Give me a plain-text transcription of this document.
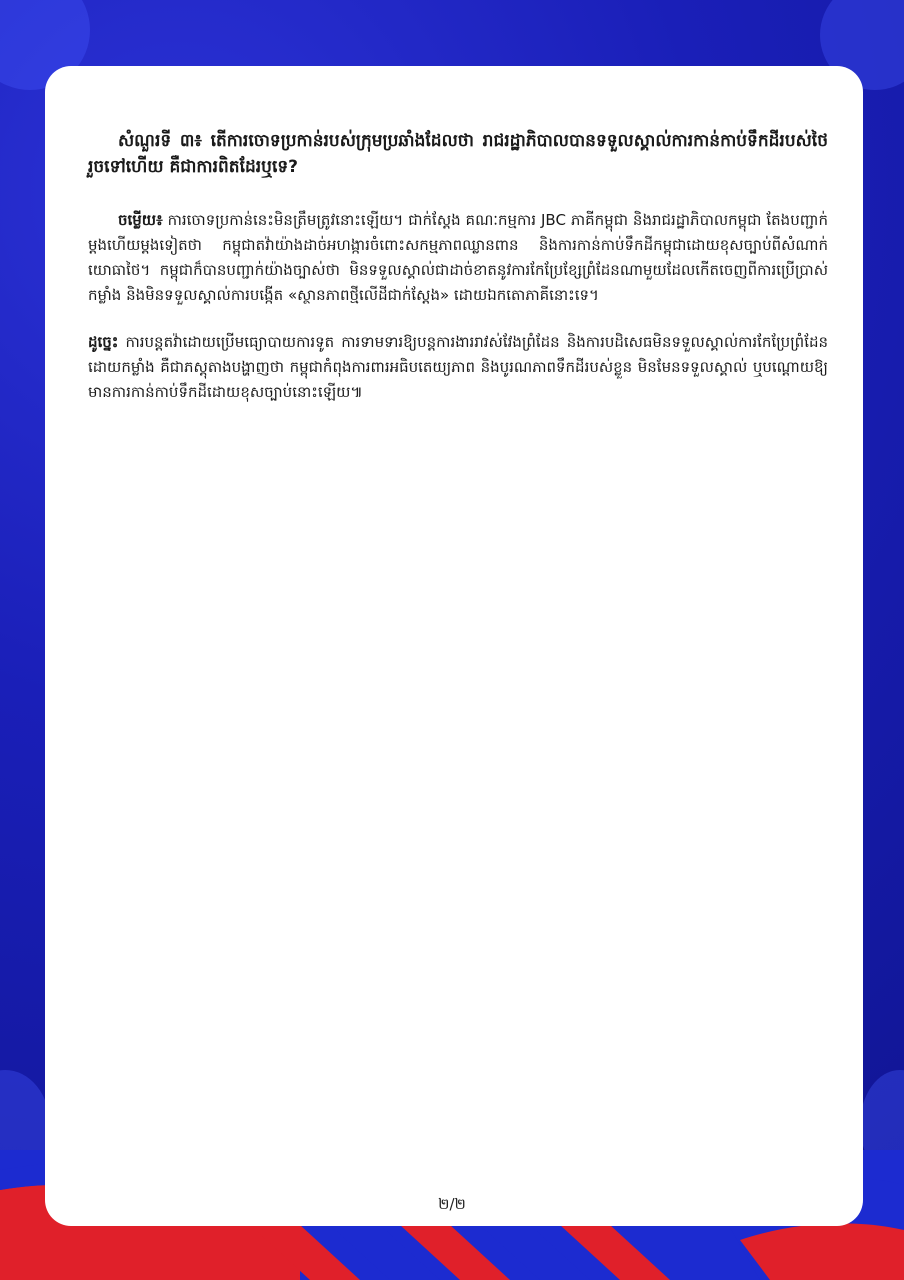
សំណួរទី ៣៖ តើការចោទប្រកាន់របស់ក្រុមប្រឆាំងដែលថា រាជរដ្ឋាភិបាលបានទទួលស្គាល់ការកាន់កាប់ទឹកដីរបស់ថៃរួចទៅហើយ គឺជាការពិតដែរឬទេ?

ចម្លើយ៖ ការចោទប្រកាន់នេះមិនត្រឹមត្រូវនោះឡើយ។ ជាក់ស្តែង គណៈកម្មការ JBC ភាគីកម្ពុជា និងរាជរដ្ឋាភិបាលកម្ពុជា តែងបញ្ជាក់ម្តងហើយម្តងទៀតថា កម្ពុជាតវ៉ាយ៉ាងដាច់អហង្ការចំពោះសកម្មភាពឈ្លានពាន និងការកាន់កាប់ទឹកដីកម្ពុជាដោយខុសច្បាប់ពីសំណាក់យោធាថៃ។ កម្ពុជាក៏បានបញ្ជាក់យ៉ាងច្បាស់ថា មិនទទួលស្គាល់ជាដាច់ខាតនូវការកែប្រែខ្សែព្រំដែនណាមួយដែលកើតចេញពីការប្រើប្រាស់កម្លាំង និងមិនទទួលស្គាល់ការបង្កើត «ស្ថានភាពថ្មីលើដីជាក់ស្តែង» ដោយឯកតោភាគីនោះទេ។

ដូច្នេះ ការបន្តតវ៉ាដោយប្រើមធ្យោបាយការទូត ការទាមទារឱ្យបន្តការងាររាវស់វែងព្រំដែន និងការបដិសេធមិនទទួលស្គាល់ការកែប្រែព្រំដែនដោយកម្លាំង គឺជាភស្តុតាងបង្ហាញថា កម្ពុជាកំពុងការពារអធិបតេយ្យភាព និងបូរណភាពទឹកដីរបស់ខ្លួន មិនមែនទទួលស្គាល់ ឬបណ្តោយឱ្យមានការកាន់កាប់ទឹកដីដោយខុសច្បាប់នោះឡើយ៕

២/២
